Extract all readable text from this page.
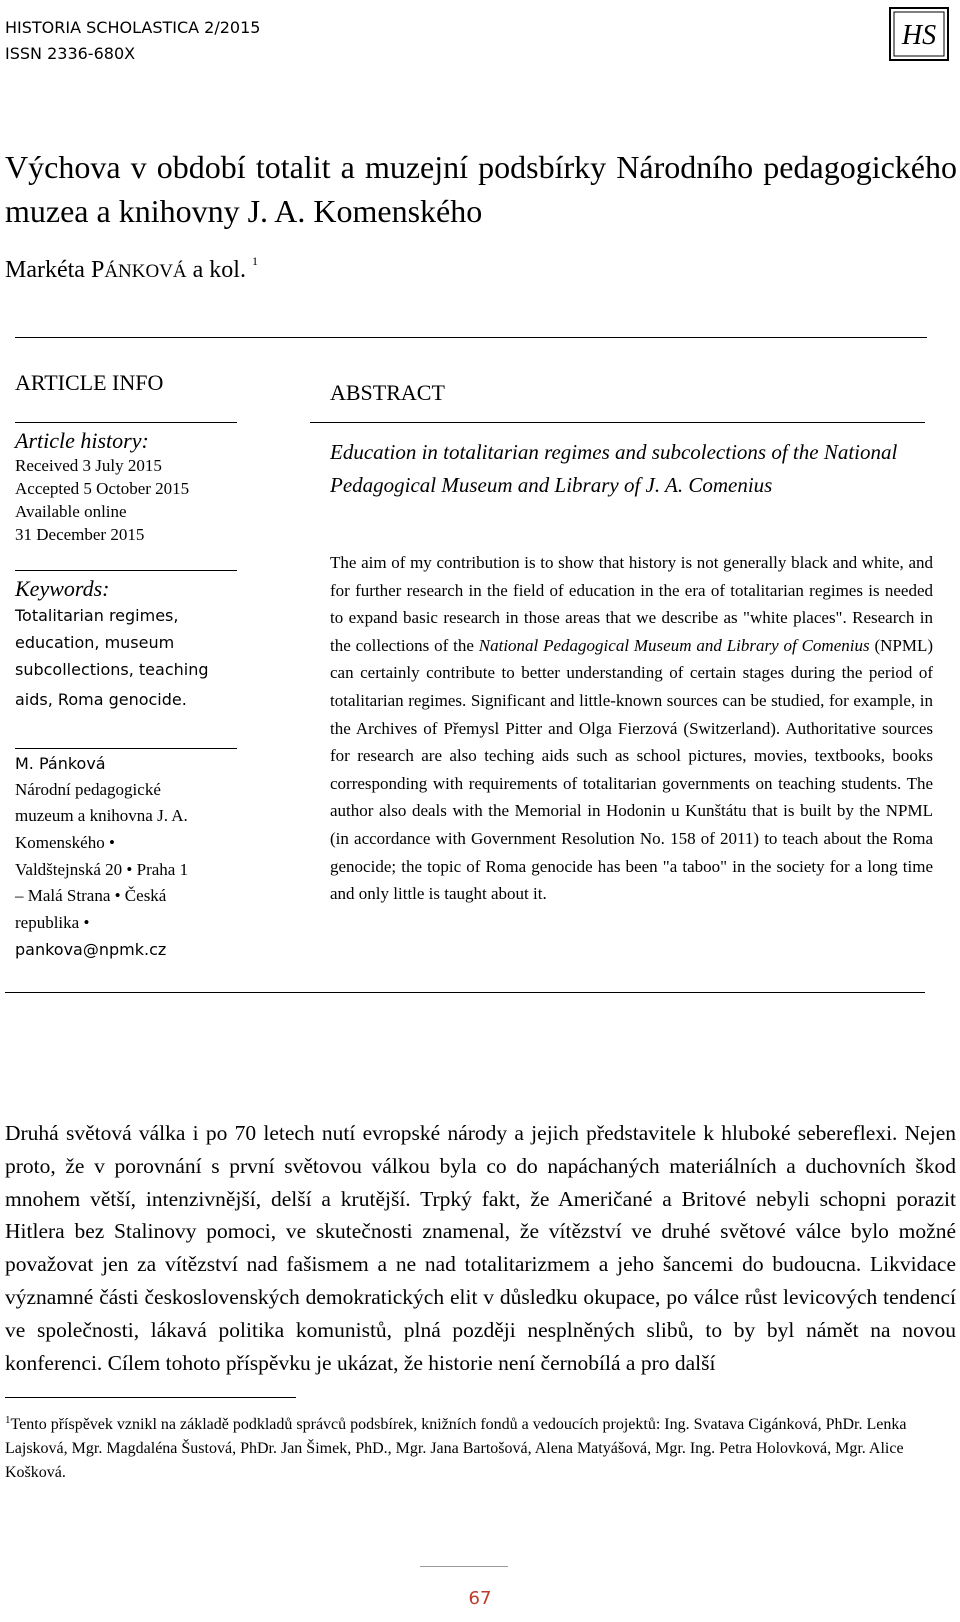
HISTORIA SCHOLASTICA 2/2015
ISSN 2336-680X
HS
Výchova v období totalit a muzejní podsbírky Národního pedagogického muzea a knihovny J. A. Komenského
Markéta PÁNKOVÁ a kol. $^1$
ARTICLE INFO
Article history:
Received 3 July 2015
Accepted 5 October 2015
Available online
31 December 2015
Keywords:
Totalitarian regimes,
education, museum
subcollections, teaching
aids, Roma genocide.
M. Pánková
Národní pedagogické
muzeum a knihovna J. A.
Komenského •
Valdštejnská 20 • Praha 1
– Malá Strana • Česká
republika •
pankova@npmk.cz
ABSTRACT
Education in totalitarian regimes and subcolections of the National Pedagogical Museum and Library of J. A. Comenius
The aim of my contribution is to show that history is not generally black and white, and for further research in the field of education in the era of totalitarian regimes is needed to expand basic research in those areas that we describe as "white places". Research in the collections of the National Pedagogical Museum and Library of Comenius (NPML) can certainly contribute to better understanding of certain stages during the period of totalitarian regimes. Significant and little-known sources can be studied, for example, in the Archives of Přemysl Pitter and Olga Fierzová (Switzerland). Authoritative sources for research are also teching aids such as school pictures, movies, textbooks, books corresponding with requirements of totalitarian governments on teaching students. The author also deals with the Memorial in Hodonin u Kunštátu that is built by the NPML (in accordance with Government Resolution No. 158 of 2011) to teach about the Roma genocide; the topic of Roma genocide has been "a taboo" in the society for a long time and only little is taught about it.
Druhá světová válka i po 70 letech nutí evropské národy a jejich představitele k hluboké sebereflexi. Nejen proto, že v porovnání s první světovou válkou byla co do napáchaných materiálních a duchovních škod mnohem větší, intenzivnější, delší a krutější. Trpký fakt, že Američané a Britové nebyli schopni porazit Hitlera bez Stalinovy pomoci, ve skutečnosti znamenal, že vítězství ve druhé světové válce bylo možné považovat jen za vítězství nad fašismem a ne nad totalitarizmem a jeho šancemi do budoucna. Likvidace významné části československých demokratických elit v důsledku okupace, po válce růst levicových tendencí ve společnosti, lákavá politika komunistů, plná později nesplněných slibů, to by byl námět na novou konferenci. Cílem tohoto příspěvku je ukázat, že historie není černobílá a pro další
$^1$Tento příspěvek vznikl na základě podkladů správců podsbírek, knižních fondů a vedoucích projektů: Ing. Svatava Cigánková, PhDr. Lenka Lajsková, Mgr. Magdaléna Šustová, PhDr. Jan Šimek, PhD., Mgr. Jana Bartošová, Alena Matyášová, Mgr. Ing. Petra Holovková, Mgr. Alice Košková.
67
